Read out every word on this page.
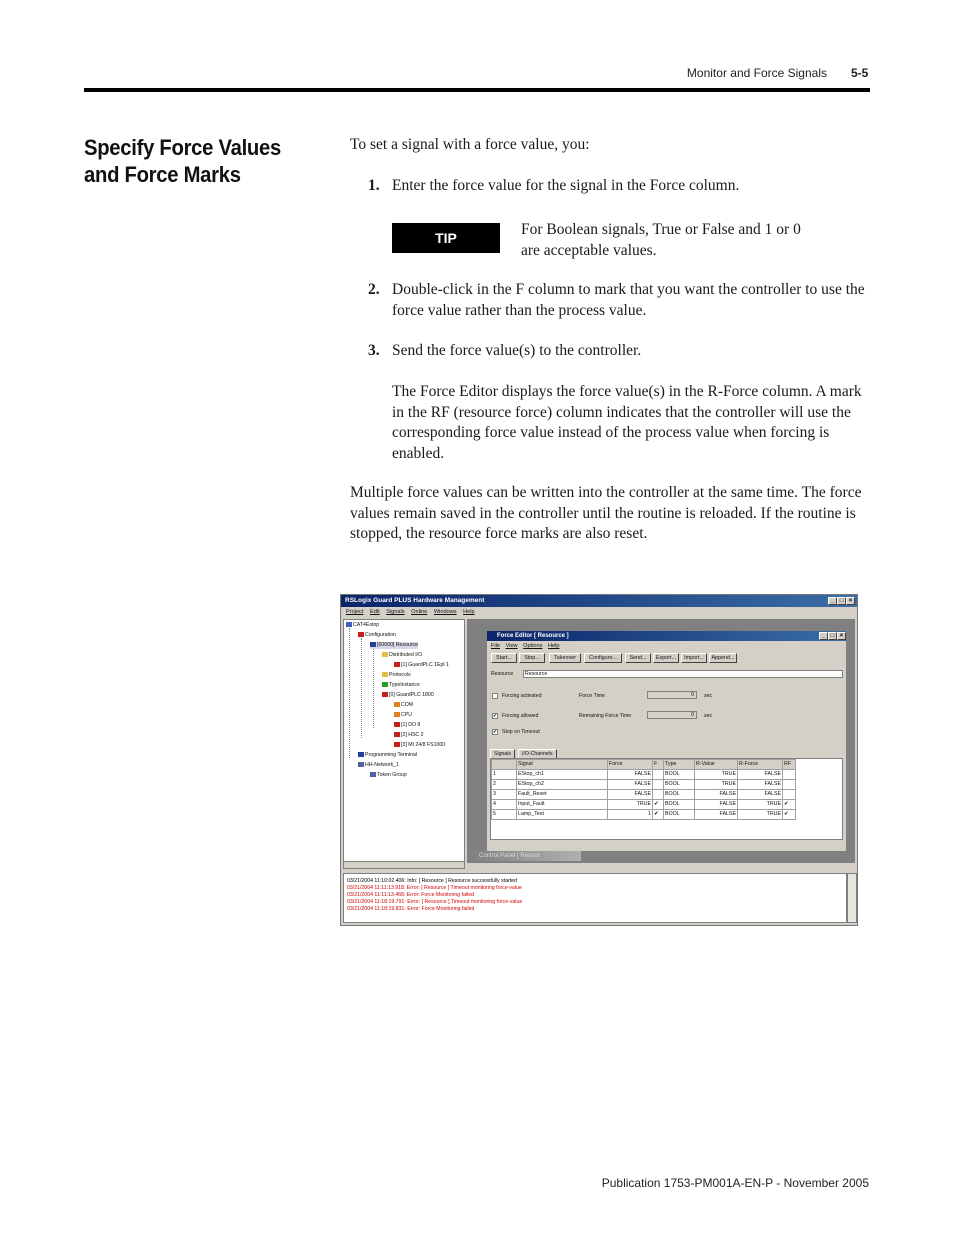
Monitor and Force Signals 5-5
Specify Force Values and Force Marks
To set a signal with a force value, you:
1. Enter the force value for the signal in the Force column.
TIP	For Boolean signals, True or False and 1 or 0 are acceptable values.
2. Double-click in the F column to mark that you want the controller to use the force value rather than the process value.
3. Send the force value(s) to the controller.
The Force Editor displays the force value(s) in the R-Force column. A mark in the RF (resource force) column indicates that the controller will use the corresponding force value instead of the process value when forcing is enabled.
Multiple force values can be written into the controller at the same time. The force values remain saved in the controller until the routine is reloaded. If the routine is stopped, the resource force marks are also reset.
RSLogix Guard PLUS Hardware Management	_ □ ×
Project Edit Signals Online Windows Help
CAT4Estop
Configuration
[60000] Resource
Distributed I/O
[1] GuardPLC 1Epl 1
Protocols
TypeInstance
[0] GuardPLC 1800
COM
CPU
[1] DO 8
[2] HSC 2
[3] MI 24/8 FS1000
Programming Terminal
HH-Network_1
Token Group
Force Editor [ Resource ]	_ □ ×
File View Options Help
Start...	Stop...	Takeover	Configure...	Send...	Export...	Import...	Append...
Resource	Resource
Forcing activated
✔ Forcing allowed
✔ Stop on Timeout
Force Time	0	sec
Remaining Force Time	0	sec
Signals	I/O-Channels
	Signal	Force	F	Type	R-Value	R-Force	RF
1	EStop_ch1	FALSE		BOOL	TRUE	FALSE	
2	EStop_ch2	FALSE		BOOL	TRUE	FALSE	
3	Fault_Reset	FALSE		BOOL	FALSE	FALSE	
4	Input_Fault	TRUE	✔	BOOL	FALSE	TRUE	✔
5	Lamp_Test	1	✔	BOOL	FALSE	TRUE	✔
Control Panel [ Resour
03/21/2004 11:10:02.406: Info: [ Resource ] Resource successfully started
03/21/2004 11:11:13.918: Error: [ Resource ] Timeout monitoring force-value
03/21/2004 11:11:13.468: Error: Force Monitoring failed
03/21/2004 11:18:19.791: Error: [ Resource ] Timeout monitoring force-value
03/21/2004 11:18:19.831: Error: Force Monitoring failed
Publication 1753-PM001A-EN-P - November 2005
